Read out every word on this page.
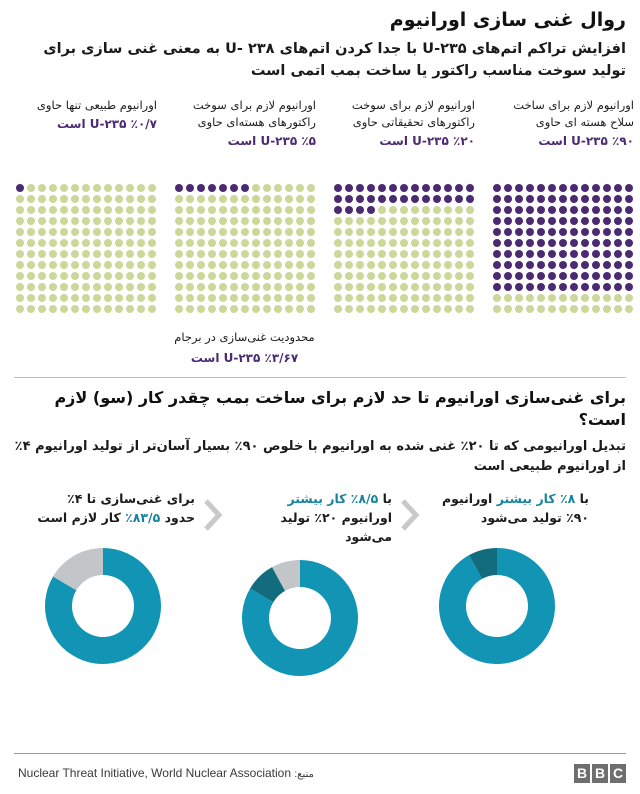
روال غنی سازی اورانیوم

افزایش تراکم اتم‌های U-۲۳۵ با جدا کردن اتم‌های U- ۲۳۸ به معنی غنی سازی برای تولید سوخت مناسب راکتور یا ساخت بمب اتمی است

اورانیوم طبیعی تنها حاوی
٪۰/۷ U-۲۳۵ است
اورانیوم لازم برای سوخت راکتورهای هسته‌ای حاوی
٪۵ U-۲۳۵ است
محدودیت غنی‌سازی در برجام
٪۳/۶۷ U-۲۳۵ است
اورانیوم لازم برای سوخت راکتورهای تحقیقاتی حاوی
٪۲۰ U-۲۳۵ است
اورانیوم لازم برای ساخت سلاح هسته ای حاوی
٪۹۰ U-۲۳۵ است
برای غنی‌سازی اورانیوم تا حد لازم برای ساخت بمب چقدر کار (سو) لازم است؟

تبدیل اورانیومی که تا ۲۰٪ غنی شده به اورانیوم با خلوص ۹۰٪ بسیار آسان‌تر از تولید اورانیوم ۴٪ از اورانیوم طبیعی است

برای غنی‌سازی تا ۴٪ حدود ۸۳/۵٪ کار لازم است
با ۸/۵٪ کار بیشتر اورانیوم ۲۰٪ تولید می‌شود
با ۸٪ کار بیشتر اورانیوم ۹۰٪ تولید می‌شود
B B C
منبع: Nuclear Threat Initiative, World Nuclear Association
